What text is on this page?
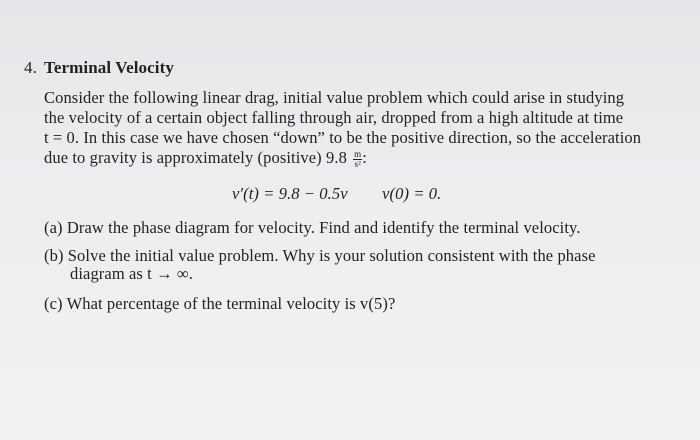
4. Terminal Velocity
Consider the following linear drag, initial value problem which could arise in studying
the velocity of a certain object falling through air, dropped from a high altitude at time
t = 0. In this case we have chosen “down” to be the positive direction, so the acceleration
due to gravity is approximately (positive) $9.8 \frac{m}{\text{s²}}$ :
v′(t) = 9.8 − 0.5v v(0) = 0.
(a) Draw the phase diagram for velocity. Find and identify the terminal velocity.
(b) Solve the initial value problem. Why is your solution consistent with the phase
diagram as t → ∞.
(c) What percentage of the terminal velocity is v(5)?
